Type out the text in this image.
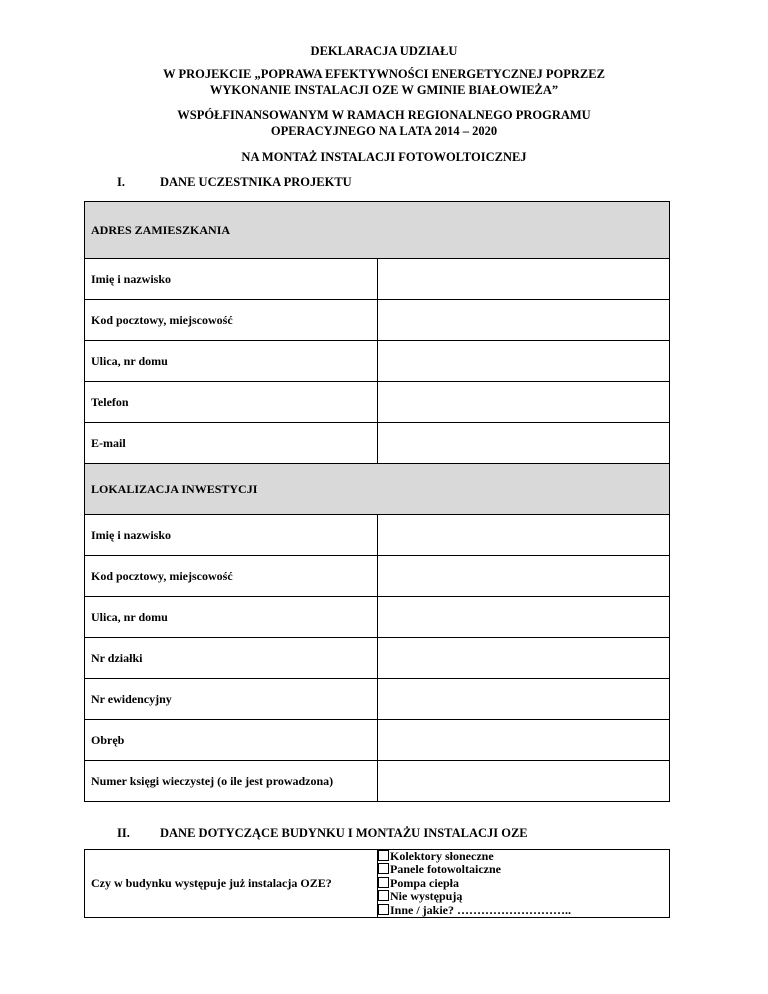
DEKLARACJA UDZIAŁU
W PROJEKCIE „POPRAWA EFEKTYWNOŚCI ENERGETYCZNEJ POPRZEZ
WYKONANIE INSTALACJI OZE W GMINIE BIAŁOWIEŻA”
WSPÓŁFINANSOWANYM W RAMACH REGIONALNEGO PROGRAMU
OPERACYJNEGO NA LATA 2014 – 2020
NA MONTAŻ INSTALACJI FOTOWOLTOICZNEJ
I.	DANE UCZESTNIKA PROJEKTU
ADRES ZAMIESZKANIA	
Imię i nazwisko	
Kod pocztowy, miejscowość	
Ulica, nr domu	
Telefon	
E-mail	
LOKALIZACJA INWESTYCJI	
Imię i nazwisko	
Kod pocztowy, miejscowość	
Ulica, nr domu	
Nr działki	
Nr ewidencyjny	
Obręb	
Numer księgi wieczystej (o ile jest prowadzona)	
II. DANE DOTYCZĄCE BUDYNKU I MONTAŻU INSTALACJI OZE
Czy w budynku występuje już instalacja OZE?	
Kolektory słoneczne
Panele fotowoltaiczne
Pompa ciepła
Nie występują
Inne / jakie? ………………………..
